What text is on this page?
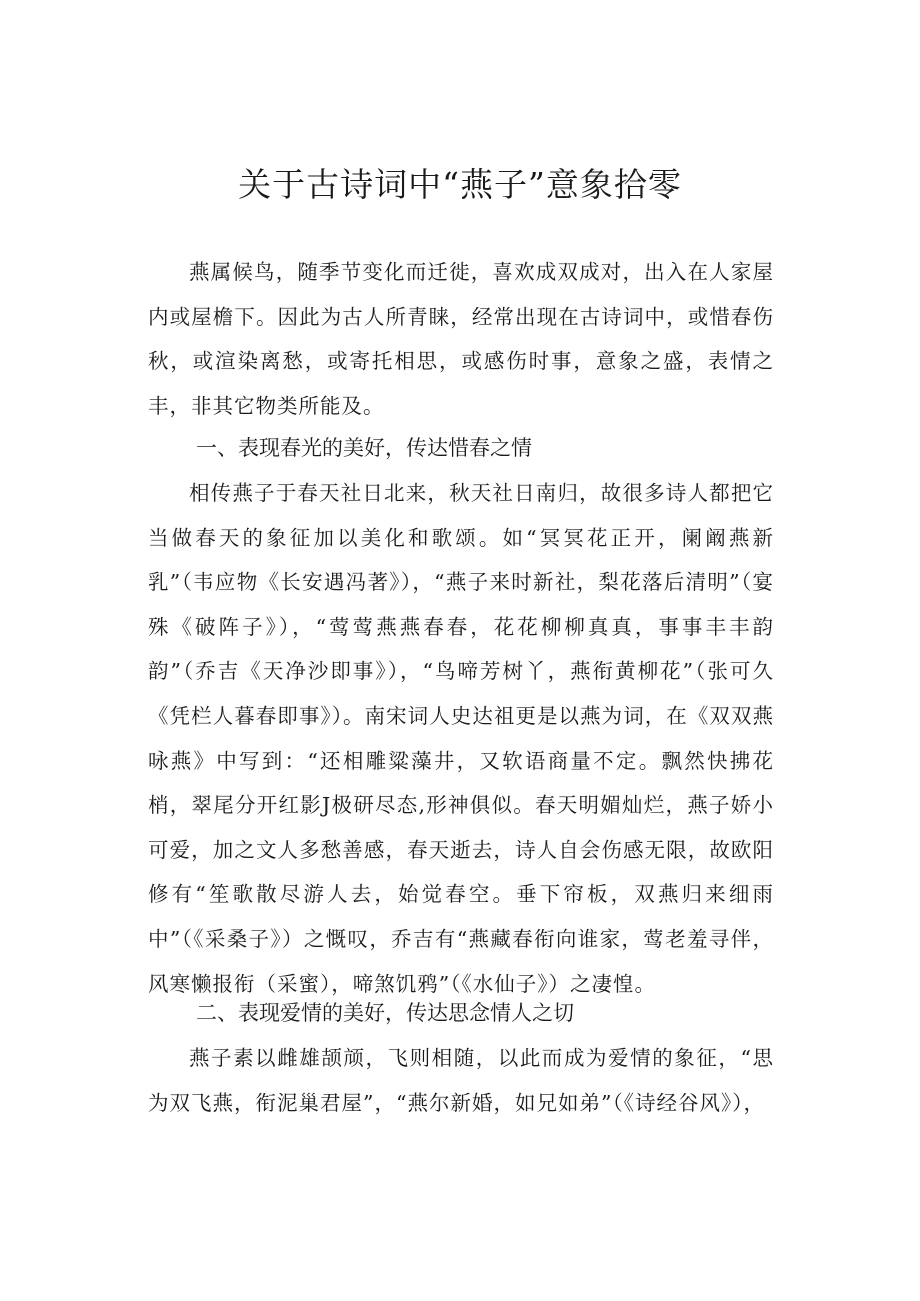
关于古诗词中“燕子”意象拾零

燕属候鸟，随季节变化而迁徙，喜欢成双成对，出入在人家屋内或屋檐下。因此为古人所青睐，经常出现在古诗词中，或惜春伤秋，或渲染离愁，或寄托相思，或感伤时事，意象之盛，表情之丰，非其它物类所能及。

一、表现春光的美好，传达惜春之情

相传燕子于春天社日北来，秋天社日南归，故很多诗人都把它当做春天的象征加以美化和歌颂。如“冥冥花正开，阑阚燕新乳”（韦应物《长安遇冯著》），“燕子来时新社，梨花落后清明”（宴殊《破阵子》），“莺莺燕燕春春，花花柳柳真真，事事丰丰韵韵”（乔吉《天净沙即事》），“鸟啼芳树丫，燕衔黄柳花”（张可久《凭栏人暮春即事》）。南宋词人史达祖更是以燕为词，在《双双燕咏燕》中写到：“还相雕粱藻井，又软语商量不定。飘然快拂花梢，翠尾分开红影J极研尽态,形神俱似。春天明媚灿烂，燕子娇小可爱，加之文人多愁善感，春天逝去，诗人自会伤感无限，故欧阳修有“笙歌散尽游人去，始觉春空。垂下帘板，双燕归来细雨中”（《采桑子》）之慨叹，乔吉有“燕藏春衔向谁家，莺老羞寻伴，风寒懒报衔（采蜜），啼煞饥鸦”（《水仙子》）之凄惶。

二、表现爱情的美好，传达思念情人之切

燕子素以雌雄颉颃，飞则相随，以此而成为爱情的象征，“思为双飞燕，衔泥巢君屋”，“燕尔新婚，如兄如弟”（《诗经谷风》），
